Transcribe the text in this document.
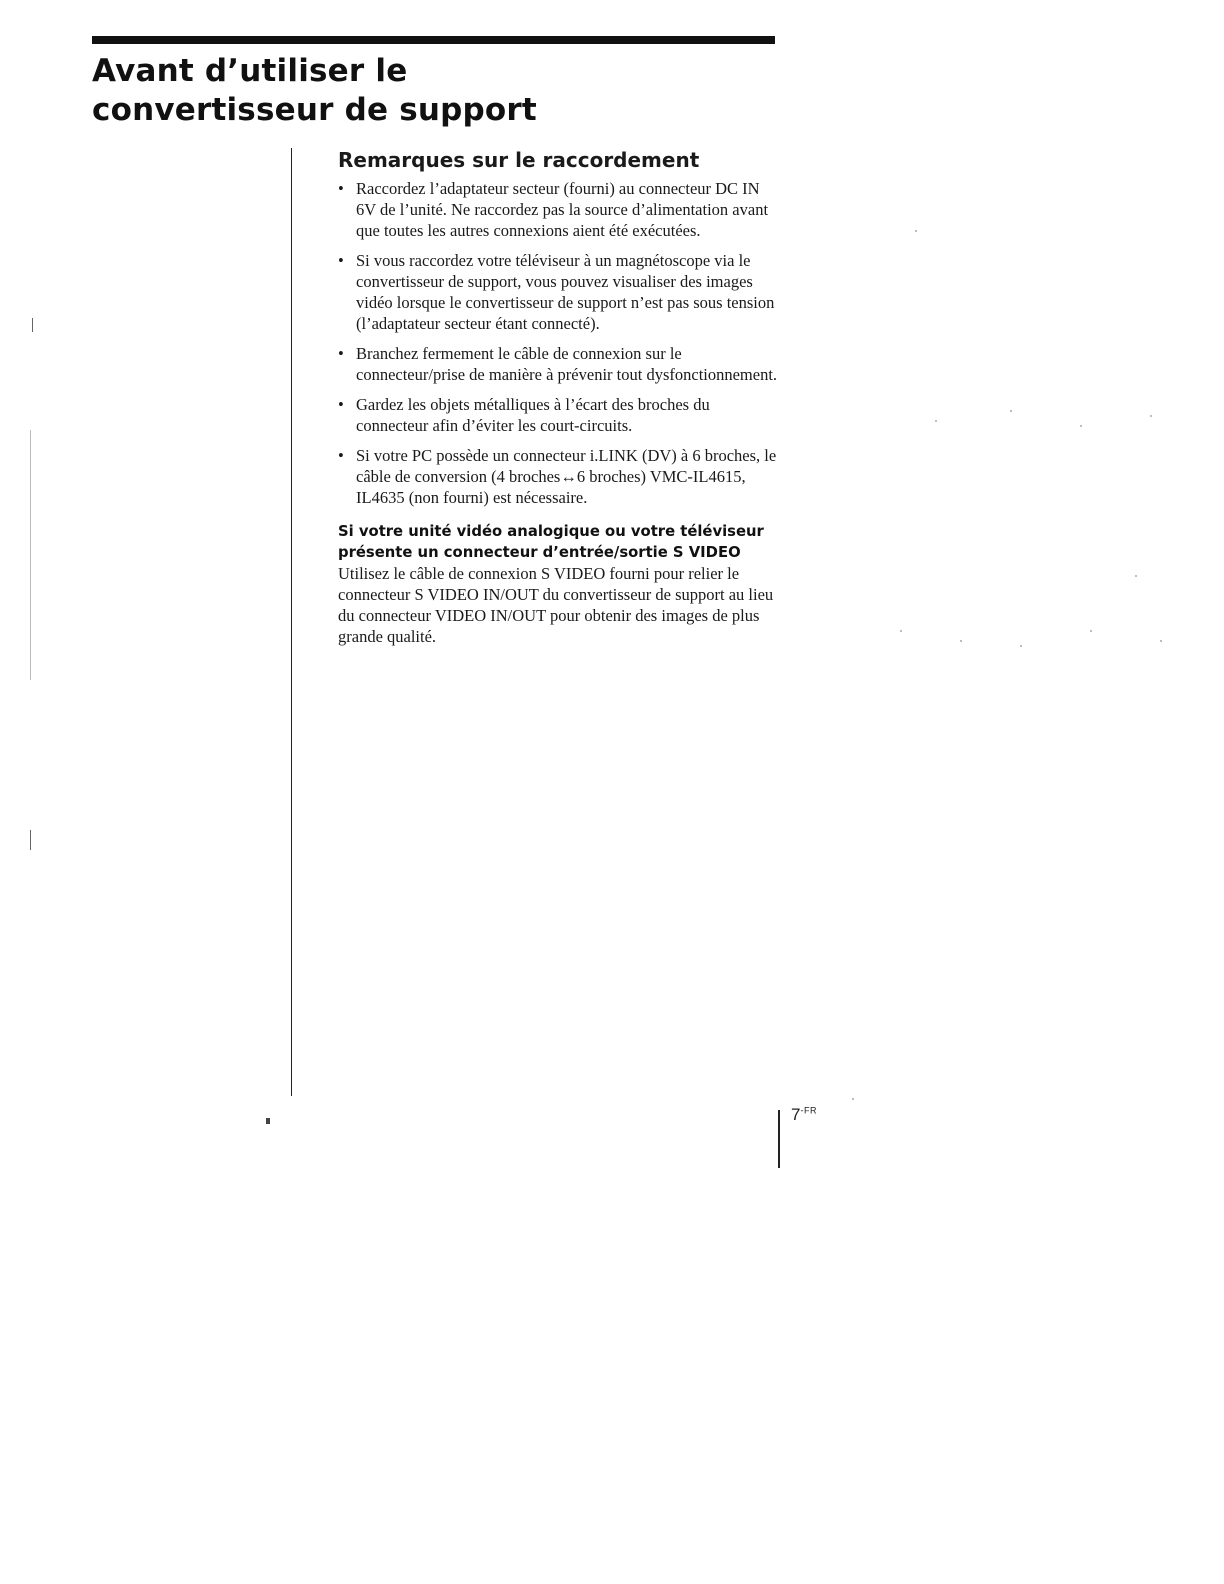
Avant d’utiliser le
convertisseur de support
Remarques sur le raccordement
• Raccordez l’adaptateur secteur (fourni) au connecteur DC IN 6V de l’unité. Ne raccordez pas la source d’alimentation avant que toutes les autres connexions aient été exécutées.
• Si vous raccordez votre téléviseur à un magnétoscope via le convertisseur de support, vous pouvez visualiser des images vidéo lorsque le convertisseur de support n’est pas sous tension (l’adaptateur secteur étant connecté).
• Branchez fermement le câble de connexion sur le connecteur/prise de manière à prévenir tout dysfonctionnement.
• Gardez les objets métalliques à l’écart des broches du connecteur afin d’éviter les court-circuits.
• Si votre PC possède un connecteur i.LINK (DV) à 6 broches, le câble de conversion (4 broches↔6 broches) VMC-IL4615, IL4635 (non fourni) est nécessaire.
Si votre unité vidéo analogique ou votre téléviseur présente un connecteur d’entrée/sortie S VIDEO

Utilisez le câble de connexion S VIDEO fourni pour relier le connecteur S VIDEO IN/OUT du convertisseur de support au lieu du connecteur VIDEO IN/OUT pour obtenir des images de plus grande qualité.

$7^{-FR}$
